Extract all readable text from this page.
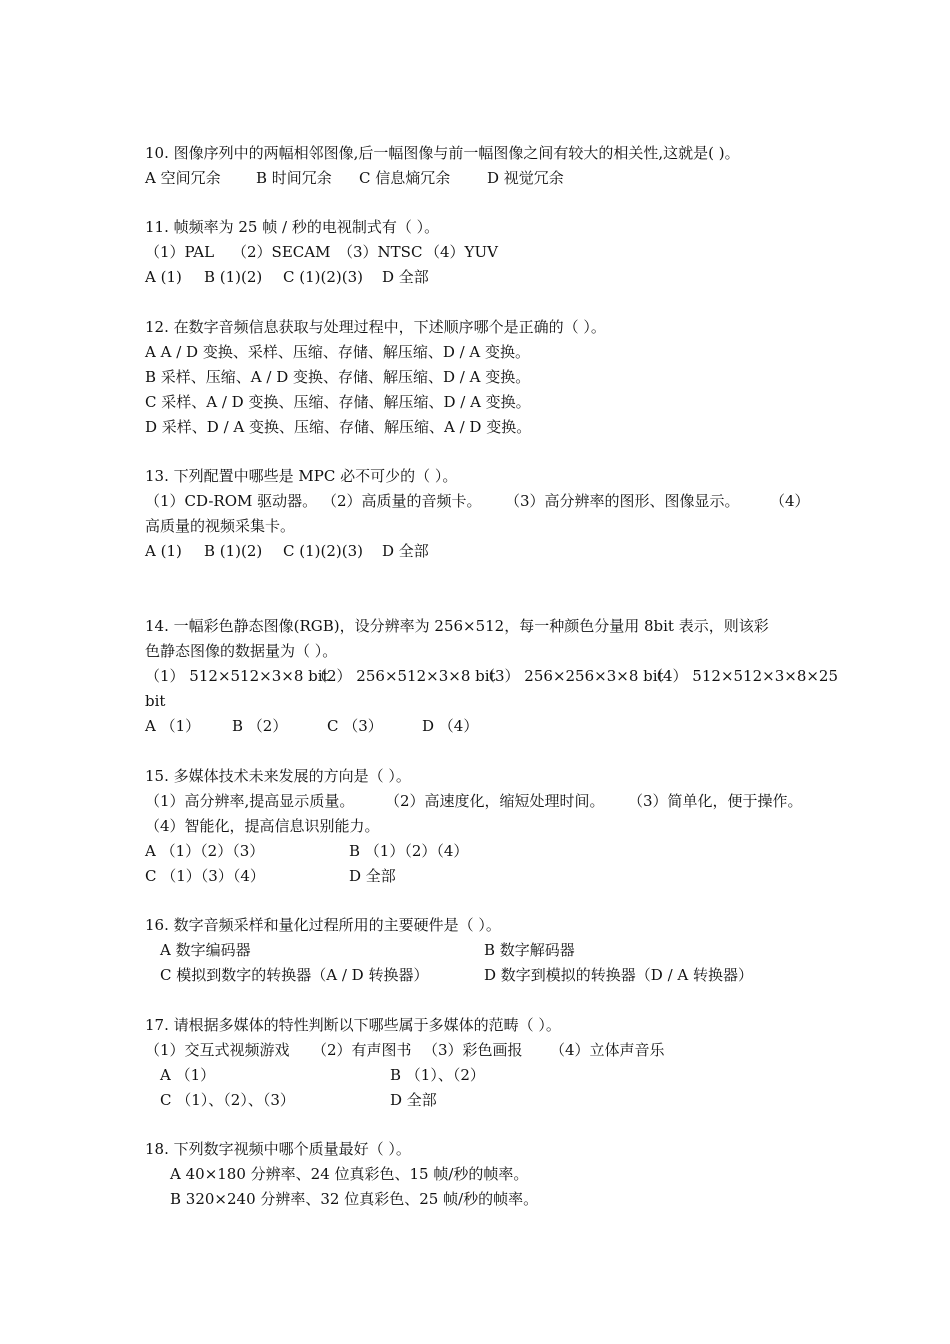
10. 图像序列中的两幅相邻图像,后一幅图像与前一幅图像之间有较大的相关性,这就是( )。
A 空间冗余 B 时间冗余 C 信息熵冗余 D 视觉冗余
11. 帧频率为 25 帧 / 秒的电视制式有（ ）。
（1）PAL （2）SECAM （3）NTSC （4）YUV
A (1) B (1)(2) C (1)(2)(3) D 全部
12. 在数字音频信息获取与处理过程中，下述顺序哪个是正确的（ ）。
A A / D 变换、采样、压缩、存储、解压缩、D / A 变换。
B 采样、压缩、A / D 变换、存储、解压缩、D / A 变换。
C 采样、A / D 变换、压缩、存储、解压缩、D / A 变换。
D 采样、D / A 变换、压缩、存储、解压缩、A / D 变换。
13. 下列配置中哪些是 MPC 必不可少的（ ）。
（1）CD-ROM 驱动器。 （2）高质量的音频卡。 （3）高分辨率的图形、图像显示。 （4）
高质量的视频采集卡。
A (1) B (1)(2) C (1)(2)(3) D 全部
14. 一幅彩色静态图像(RGB)，设分辨率为 256×512，每一种颜色分量用 8bit 表示，则该彩
色静态图像的数据量为（ ）。
（1） 512×512×3×8 bit
（2） 256×512×3×8 bit
（3） 256×256×3×8 bit
（4） 512×512×3×8×25
bit
A （1） B （2）	C （3）	D （4）
15. 多媒体技术未来发展的方向是（ ）。
（1）高分辨率,提高显示质量。 （2）高速度化，缩短处理时间。 （3）简单化，便于操作。
（4）智能化，提高信息识别能力。
A （1）（2）（3）	B （1）（2）（4）
C （1）（3）（4）	D 全部
16. 数字音频采样和量化过程所用的主要硬件是（ ）。
A 数字编码器	B 数字解码器
C 模拟到数字的转换器（A / D 转换器）	D 数字到模拟的转换器（D / A 转换器）
17. 请根据多媒体的特性判断以下哪些属于多媒体的范畴（ ）。
（1）交互式视频游戏 （2）有声图书 （3）彩色画报 （4）立体声音乐
A （1）	B （1）、（2）
C （1）、（2）、（3）	D 全部
18. 下列数字视频中哪个质量最好（ ）。
A 40×180 分辨率、24 位真彩色、15 帧/秒的帧率。
B 320×240 分辨率、32 位真彩色、25 帧/秒的帧率。
